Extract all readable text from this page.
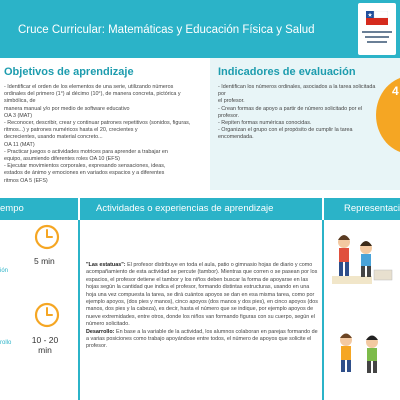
Cruce Curricular: Matemáticas y Educación Física y Salud
Objetivos de aprendizaje

- Identificar el orden de los elementos de una serie, utilizando números

ordinales del primero (1°) al décimo (10°), de manera concreta, pictórica y simbólica, de

manera manual y/o por medio de software educativo

OA 3 (MAT)

- Reconocer, describir, crear y continuar patrones repetitivos (sonidos, figuras, ritmos...) y patrones numéricos hasta el 20, crecientes y

decrecientes, usando material concreto...

OA 11 (MAT)

- Practicar juegos o actividades motrices para aprender a trabajar en

equipo, asumiendo diferentes roles OA 10 (EFS)

- Ejecutar movimientos corporales, expresando sensaciones, ideas,

estados de ánimo y emociones en variados espacios y a diferentes

ritmos OA 5 (EFS)

Indicadores de evaluación

- Identifican los números ordinales, asociados a la tarea solicitada por

el profesor.

- Crean formas de apoyo a partir de número solicitado por el profesor.

- Repiten formas numéricas conocidas.

- Organizan el grupo con el propósito de cumplir la tarea encomendada.

4
empo	Actividades o experiencias de aprendizaje	Representaci
5 min
10 - 20
min
ión
rollo

"Las estatuas": El profesor distribuye en toda el aula, patio o gimnasio hojas de diario y como acompañamiento de esta actividad se percute (tambor). Mientras que corren o se pasean por los espacios, el profesor detiene el tambor y los niños deben buscar la forma de apoyarse en las hojas según la cantidad que indica el profesor, formando distintas estructuras, usando en una hoja una vez compuesta la tarea, se dirá cuántos apoyos se dan en esa misma tarea, como por ejemplo apoyos, (dos pies y manos), cinco apoyos (dos manos y dos pies), en cinco apoyos (dos manos, dos pies y la cabeza), es decir, hasta el número que se indique, por ejemplo apoyos de nueve extremidades, entre otros, donde los niños van formando figuras con su cuerpo, según el número solicitado.

Desarrollo: En base a la variable de la actividad, los alumnos colaboran en parejas formando de a varias posiciones como trabajo apoyándose entre todos, el número de apoyos que solicite el profesor.
